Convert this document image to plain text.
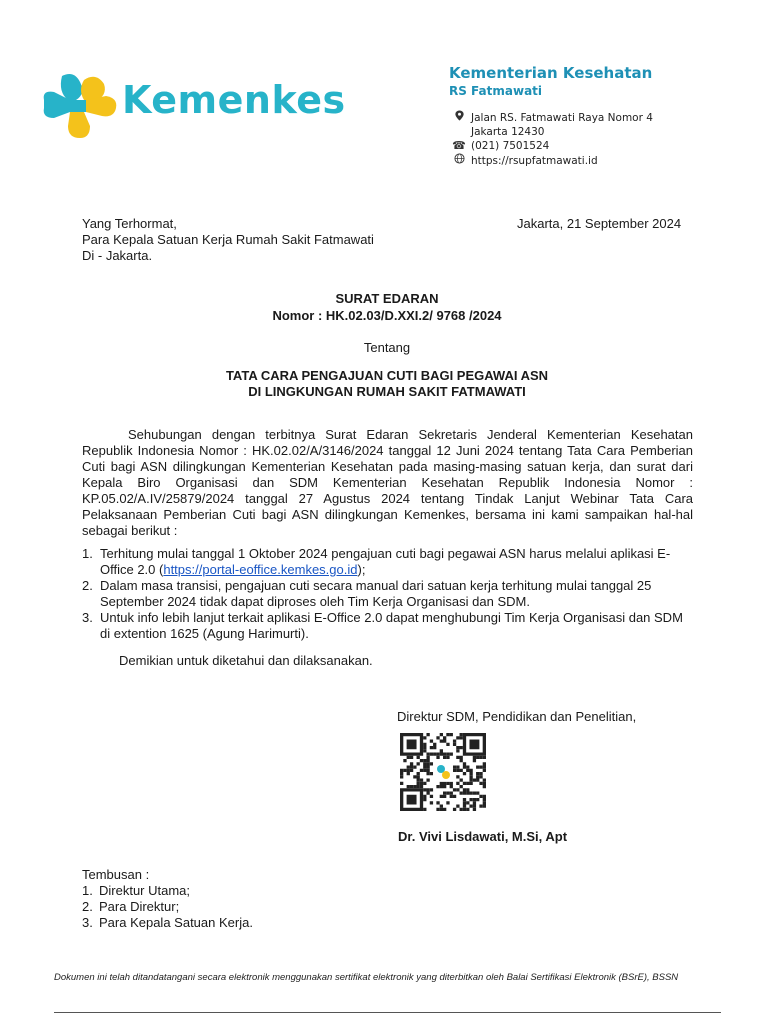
Kemenkes
Kementerian Kesehatan
RS Fatmawati
Jalan RS. Fatmawati Raya Nomor 4
Jakarta 12430
☎ (021) 7501524
https://rsupfatmawati.id
Yang Terhormat,
Para Kepala Satuan Kerja Rumah Sakit Fatmawati
Di - Jakarta.
Jakarta, 21 September 2024
SURAT EDARAN
Nomor : HK.02.03/D.XXI.2/ 9768 /2024
Tentang
TATA CARA PENGAJUAN CUTI BAGI PEGAWAI ASN
DI LINGKUNGAN RUMAH SAKIT FATMAWATI
Sehubungan dengan terbitnya Surat Edaran Sekretaris Jenderal Kementerian Kesehatan Republik Indonesia Nomor : HK.02.02/A/3146/2024 tanggal 12 Juni 2024 tentang Tata Cara Pemberian Cuti bagi ASN dilingkungan Kementerian Kesehatan pada masing-masing satuan kerja, dan surat dari Kepala Biro Organisasi dan SDM Kementerian Kesehatan Republik Indonesia Nomor : KP.05.02/A.IV/25879/2024 tanggal 27 Agustus 2024 tentang Tindak Lanjut Webinar Tata Cara Pelaksanaan Pemberian Cuti bagi ASN dilingkungan Kemenkes, bersama ini kami sampaikan hal-hal sebagai berikut :
1. Terhitung mulai tanggal 1 Oktober 2024 pengajuan cuti bagi pegawai ASN harus melalui aplikasi E-Office 2.0 (https://portal-eoffice.kemkes.go.id);
2. Dalam masa transisi, pengajuan cuti secara manual dari satuan kerja terhitung mulai tanggal 25 September 2024 tidak dapat diproses oleh Tim Kerja Organisasi dan SDM.
3. Untuk info lebih lanjut terkait aplikasi E-Office 2.0 dapat menghubungi Tim Kerja Organisasi dan SDM di extention 1625 (Agung Harimurti).
Demikian untuk diketahui dan dilaksanakan.
Direktur SDM, Pendidikan dan Penelitian,
Dr. Vivi Lisdawati, M.Si, Apt
Tembusan :
1. Direktur Utama;
2. Para Direktur;
3. Para Kepala Satuan Kerja.
Dokumen ini telah ditandatangani secara elektronik menggunakan sertifikat elektronik yang diterbitkan oleh Balai Sertifikasi Elektronik (BSrE), BSSN
